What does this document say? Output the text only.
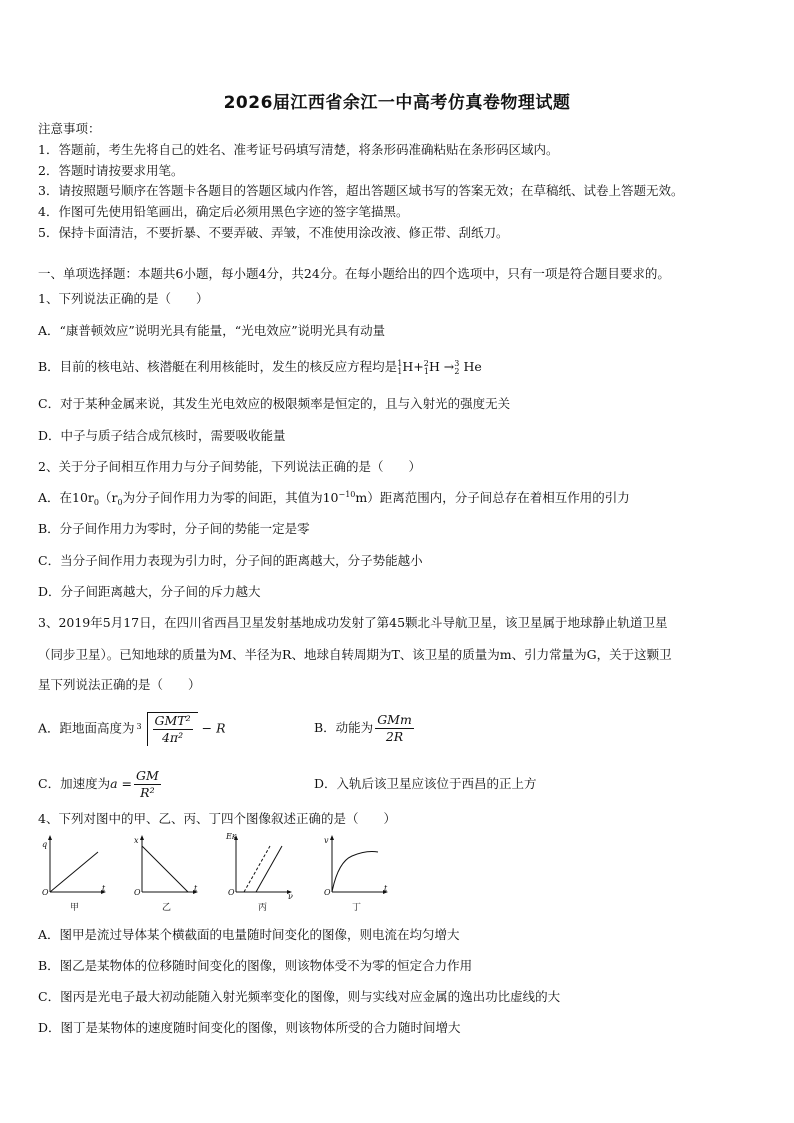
2026届江西省余江一中高考仿真卷物理试题
注意事项：
1．答题前，考生先将自己的姓名、准考证号码填写清楚，将条形码准确粘贴在条形码区域内。
2．答题时请按要求用笔。
3．请按照题号顺序在答题卡各题目的答题区域内作答，超出答题区域书写的答案无效；在草稿纸、试卷上答题无效。
4．作图可先使用铅笔画出，确定后必须用黑色字迹的签字笔描黑。
5．保持卡面清洁，不要折暴、不要弄破、弄皱，不准使用涂改液、修正带、刮纸刀。
一、单项选择题：本题共6小题，每小题4分，共24分。在每小题给出的四个选项中，只有一项是符合题目要求的。
1、下列说法正确的是（　　）
A．“康普顿效应”说明光具有能量，“光电效应”说明光具有动量
B．目前的核电站、核潜艇在利用核能时，发生的核反应方程均是$^1_1$H+$^2_1$H →$^3_2$ He
C．对于某种金属来说，其发生光电效应的极限频率是恒定的，且与入射光的强度无关
D．中子与质子结合成氘核时，需要吸收能量
2、关于分子间相互作用力与分子间势能，下列说法正确的是（　　）
A．在$10r_0(r_0$为分子间作用力为零的间距，其值为$10^{-10}m$）距离范围内，分子间总存在着相互作用的引力
B．分子间作用力为零时，分子间的势能一定是零
C．当分子间作用力表现为引力时，分子间的距离越大，分子势能越小
D．分子间距离越大，分子间的斥力越大
3、2019年5月17日，在四川省西昌卫星发射基地成功发射了第45颗北斗导航卫星，该卫星属于地球静止轨道卫星
（同步卫星）。已知地球的质量为M、半径为R、地球自转周期为T、该卫星的质量为m、引力常量为G，关于这颗卫
星下列说法正确的是（　　）
A．距地面高度为 $3 \frac{\text{GMT²}}{\text{4π²}} - R$	B．动能为 $\frac{\text{GMm}}{2R}$
C．加速度为$a = \frac{GM}{\text{R²}}$	D．入轨后该卫星应该位于西昌的正上方
4、下列对图中的甲、乙、丙、丁四个图像叙述正确的是（　　）
q
t
O
甲
x
t
O
乙
EK
ν
O
丙
v
t
O
丁
A．图甲是流过导体某个横截面的电量随时间变化的图像，则电流在均匀增大
B．图乙是某物体的位移随时间变化的图像，则该物体受不为零的恒定合力作用
C．图丙是光电子最大初动能随入射光频率变化的图像，则与实线对应金属的逸出功比虚线的大
D．图丁是某物体的速度随时间变化的图像，则该物体所受的合力随时间增大
